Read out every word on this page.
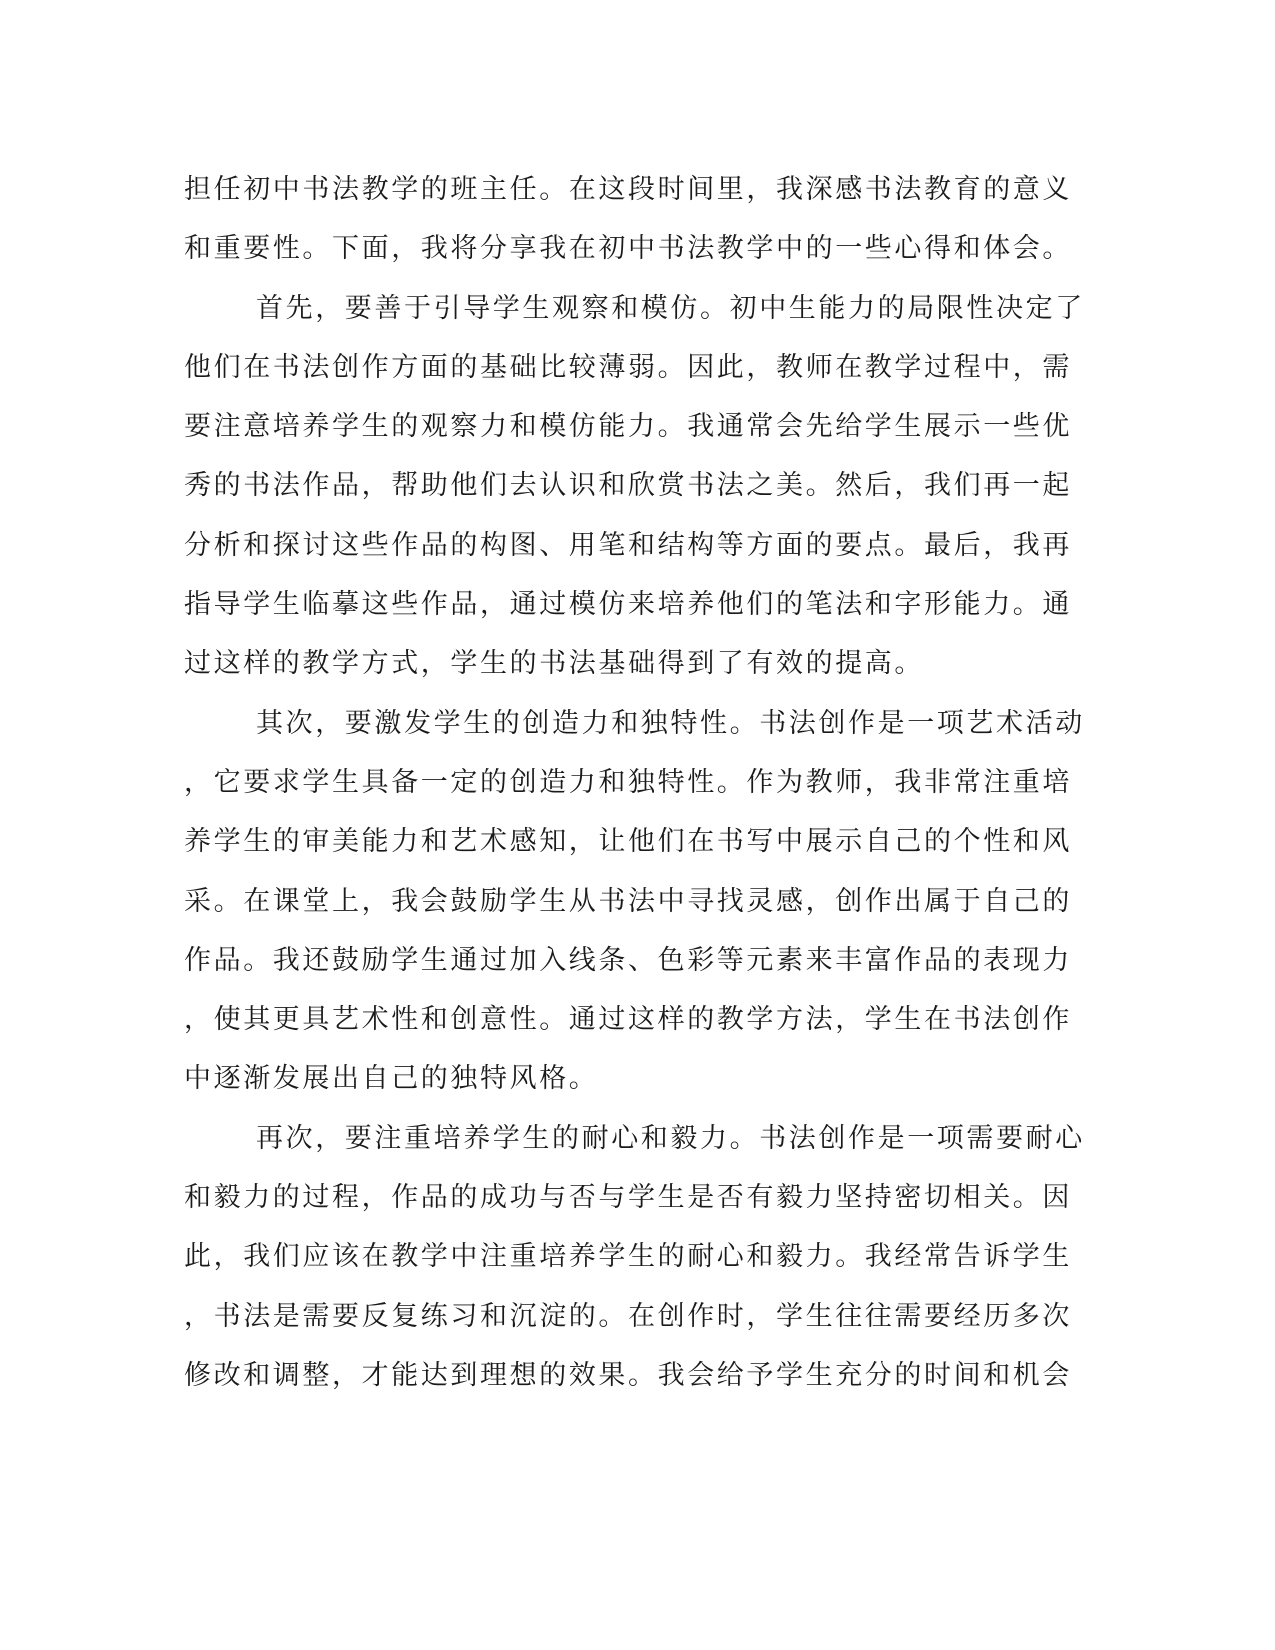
担任初中书法教学的班主任。在这段时间里，我深感书法教育的意义
和重要性。下面，我将分享我在初中书法教学中的一些心得和体会。
首先，要善于引导学生观察和模仿。初中生能力的局限性决定了
他们在书法创作方面的基础比较薄弱。因此，教师在教学过程中，需
要注意培养学生的观察力和模仿能力。我通常会先给学生展示一些优
秀的书法作品，帮助他们去认识和欣赏书法之美。然后，我们再一起
分析和探讨这些作品的构图、用笔和结构等方面的要点。最后，我再
指导学生临摹这些作品，通过模仿来培养他们的笔法和字形能力。通
过这样的教学方式，学生的书法基础得到了有效的提高。
其次，要激发学生的创造力和独特性。书法创作是一项艺术活动
，它要求学生具备一定的创造力和独特性。作为教师，我非常注重培
养学生的审美能力和艺术感知，让他们在书写中展示自己的个性和风
采。在课堂上，我会鼓励学生从书法中寻找灵感，创作出属于自己的
作品。我还鼓励学生通过加入线条、色彩等元素来丰富作品的表现力
，使其更具艺术性和创意性。通过这样的教学方法，学生在书法创作
中逐渐发展出自己的独特风格。
再次，要注重培养学生的耐心和毅力。书法创作是一项需要耐心
和毅力的过程，作品的成功与否与学生是否有毅力坚持密切相关。因
此，我们应该在教学中注重培养学生的耐心和毅力。我经常告诉学生
，书法是需要反复练习和沉淀的。在创作时，学生往往需要经历多次
修改和调整，才能达到理想的效果。我会给予学生充分的时间和机会
